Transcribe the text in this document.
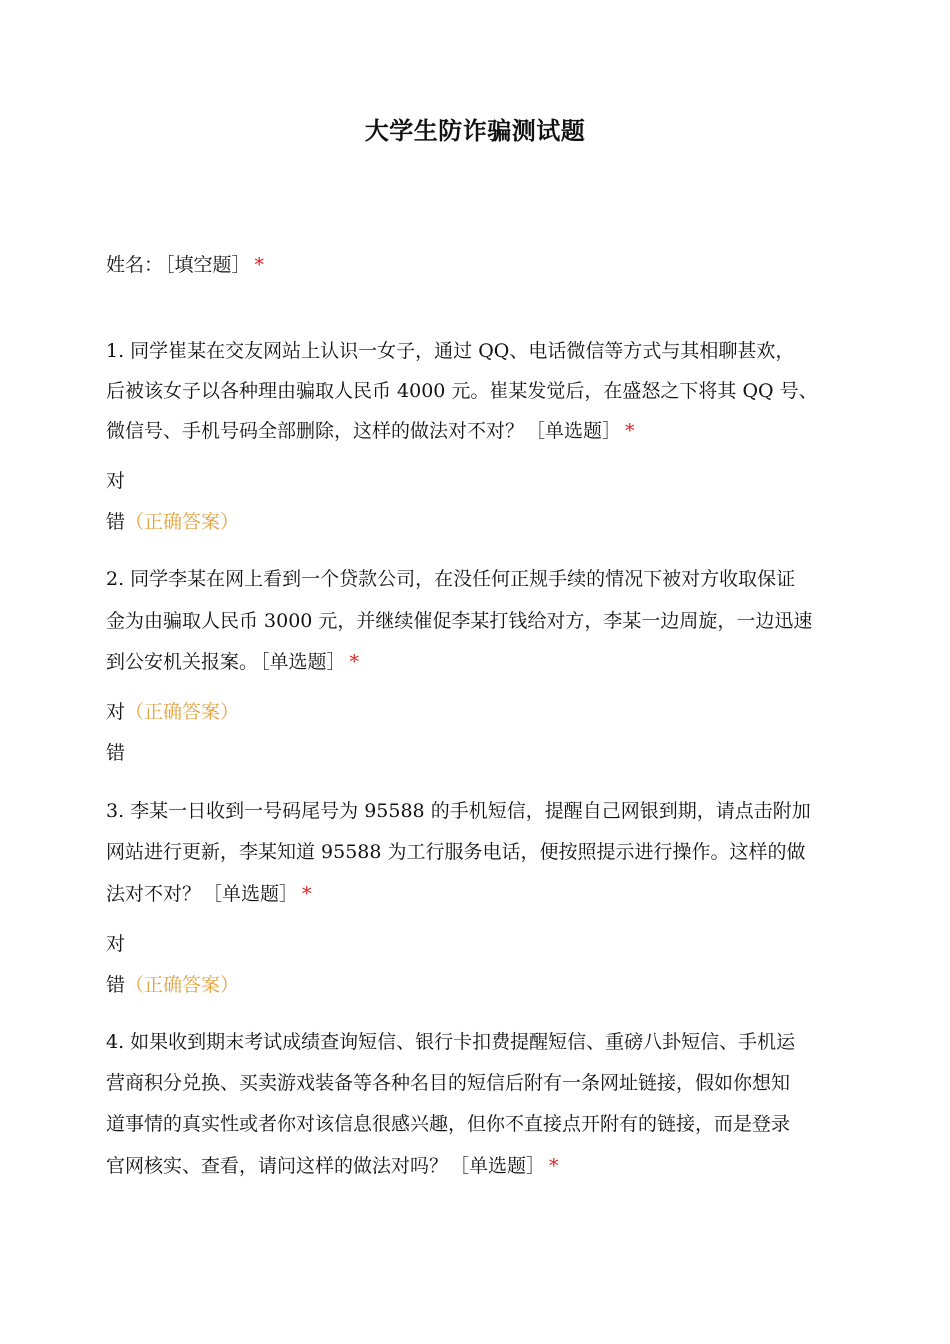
大学生防诈骗测试题
姓名： ［填空题］ *
1. 同学崔某在交友网站上认识一女子，通过 QQ、电话微信等方式与其相聊甚欢，
后被该女子以各种理由骗取人民币 4000 元。崔某发觉后，在盛怒之下将其 QQ 号、
微信号、手机号码全部删除，这样的做法对不对？ ［单选题］ *
对
错（正确答案）
2. 同学李某在网上看到一个贷款公司，在没任何正规手续的情况下被对方收取保证
金为由骗取人民币 3000 元，并继续催促李某打钱给对方，李某一边周旋，一边迅速
到公安机关报案。 ［单选题］ *
对（正确答案）
错
3. 李某一日收到一号码尾号为 95588 的手机短信，提醒自己网银到期，请点击附加
网站进行更新，李某知道 95588 为工行服务电话，便按照提示进行操作。这样的做
法对不对？ ［单选题］ *
对
错（正确答案）
4. 如果收到期末考试成绩查询短信、银行卡扣费提醒短信、重磅八卦短信、手机运
营商积分兑换、买卖游戏装备等各种名目的短信后附有一条网址链接，假如你想知
道事情的真实性或者你对该信息很感兴趣，但你不直接点开附有的链接，而是登录
官网核实、查看，请问这样的做法对吗？ ［单选题］ *
